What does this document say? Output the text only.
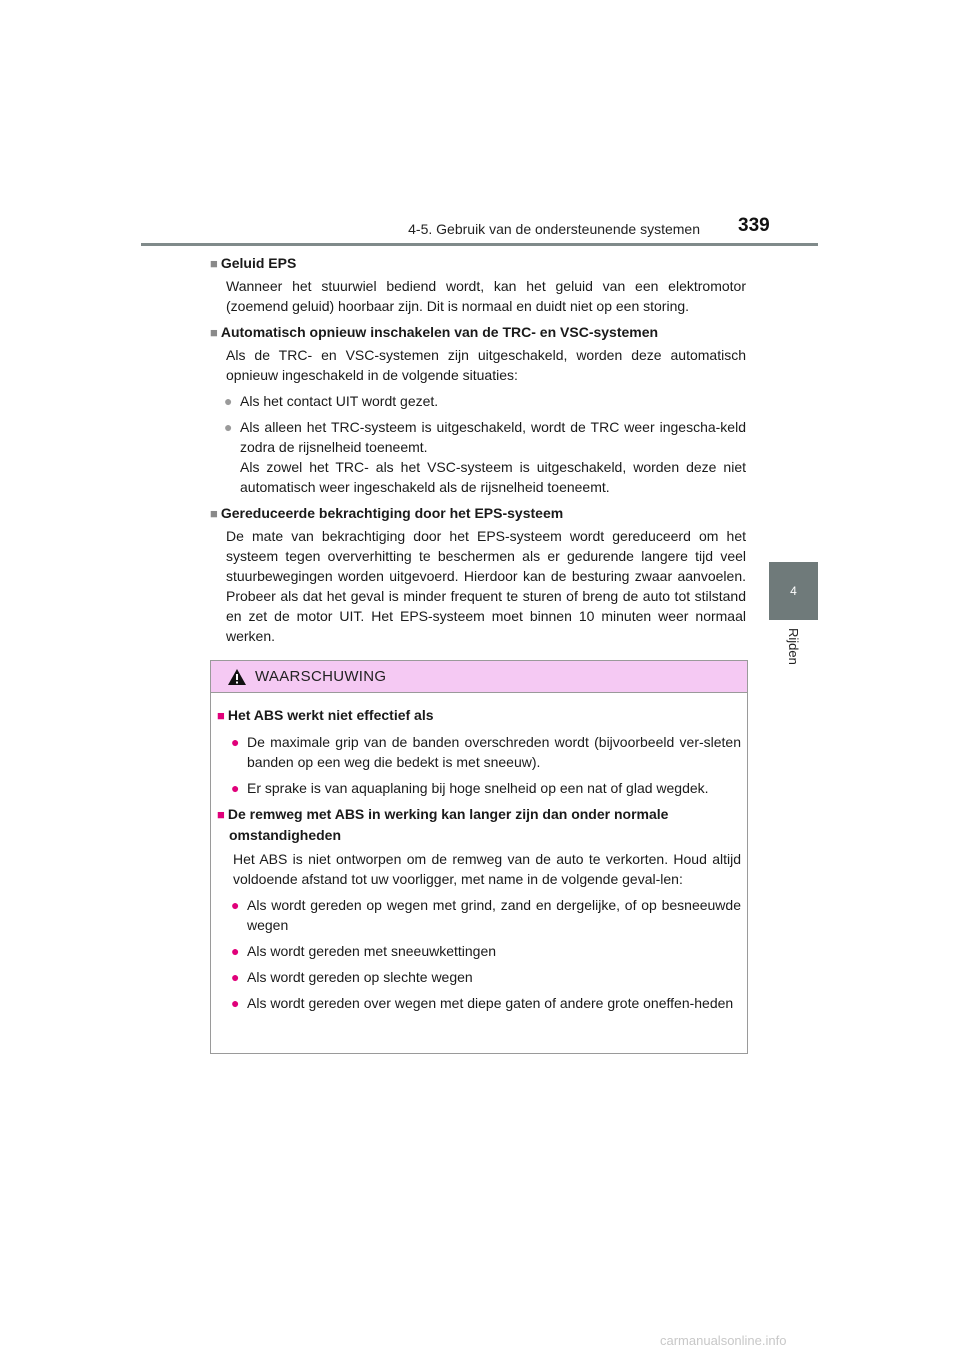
4-5. Gebruik van de ondersteunende systemen 339
4
Rijden
■ Geluid EPS
Wanneer het stuurwiel bediend wordt, kan het geluid van een elektromotor (zoemend geluid) hoorbaar zijn. Dit is normaal en duidt niet op een storing.
■ Automatisch opnieuw inschakelen van de TRC- en VSC-systemen
Als de TRC- en VSC-systemen zijn uitgeschakeld, worden deze automatisch opnieuw ingeschakeld in de volgende situaties:
● Als het contact UIT wordt gezet.
● Als alleen het TRC-systeem is uitgeschakeld, wordt de TRC weer ingescha-keld zodra de rijsnelheid toeneemt.
Als zowel het TRC- als het VSC-systeem is uitgeschakeld, worden deze niet automatisch weer ingeschakeld als de rijsnelheid toeneemt.
■ Gereduceerde bekrachtiging door het EPS-systeem
De mate van bekrachtiging door het EPS-systeem wordt gereduceerd om het systeem tegen oververhitting te beschermen als er gedurende langere tijd veel stuurbewegingen worden uitgevoerd. Hierdoor kan de besturing zwaar aanvoelen. Probeer als dat het geval is minder frequent te sturen of breng de auto tot stilstand en zet de motor UIT. Het EPS-systeem moet binnen 10 minuten weer normaal werken.
WAARSCHUWING
■ Het ABS werkt niet effectief als
● De maximale grip van de banden overschreden wordt (bijvoorbeeld ver-sleten banden op een weg die bedekt is met sneeuw).
● Er sprake is van aquaplaning bij hoge snelheid op een nat of glad wegdek.
■ De remweg met ABS in werking kan langer zijn dan onder normale
omstandigheden
Het ABS is niet ontworpen om de remweg van de auto te verkorten. Houd altijd voldoende afstand tot uw voorligger, met name in de volgende geval-len:
● Als wordt gereden op wegen met grind, zand en dergelijke, of op besneeuwde wegen
● Als wordt gereden met sneeuwkettingen
● Als wordt gereden op slechte wegen
● Als wordt gereden over wegen met diepe gaten of andere grote oneffen-heden
carmanualsonline.info
